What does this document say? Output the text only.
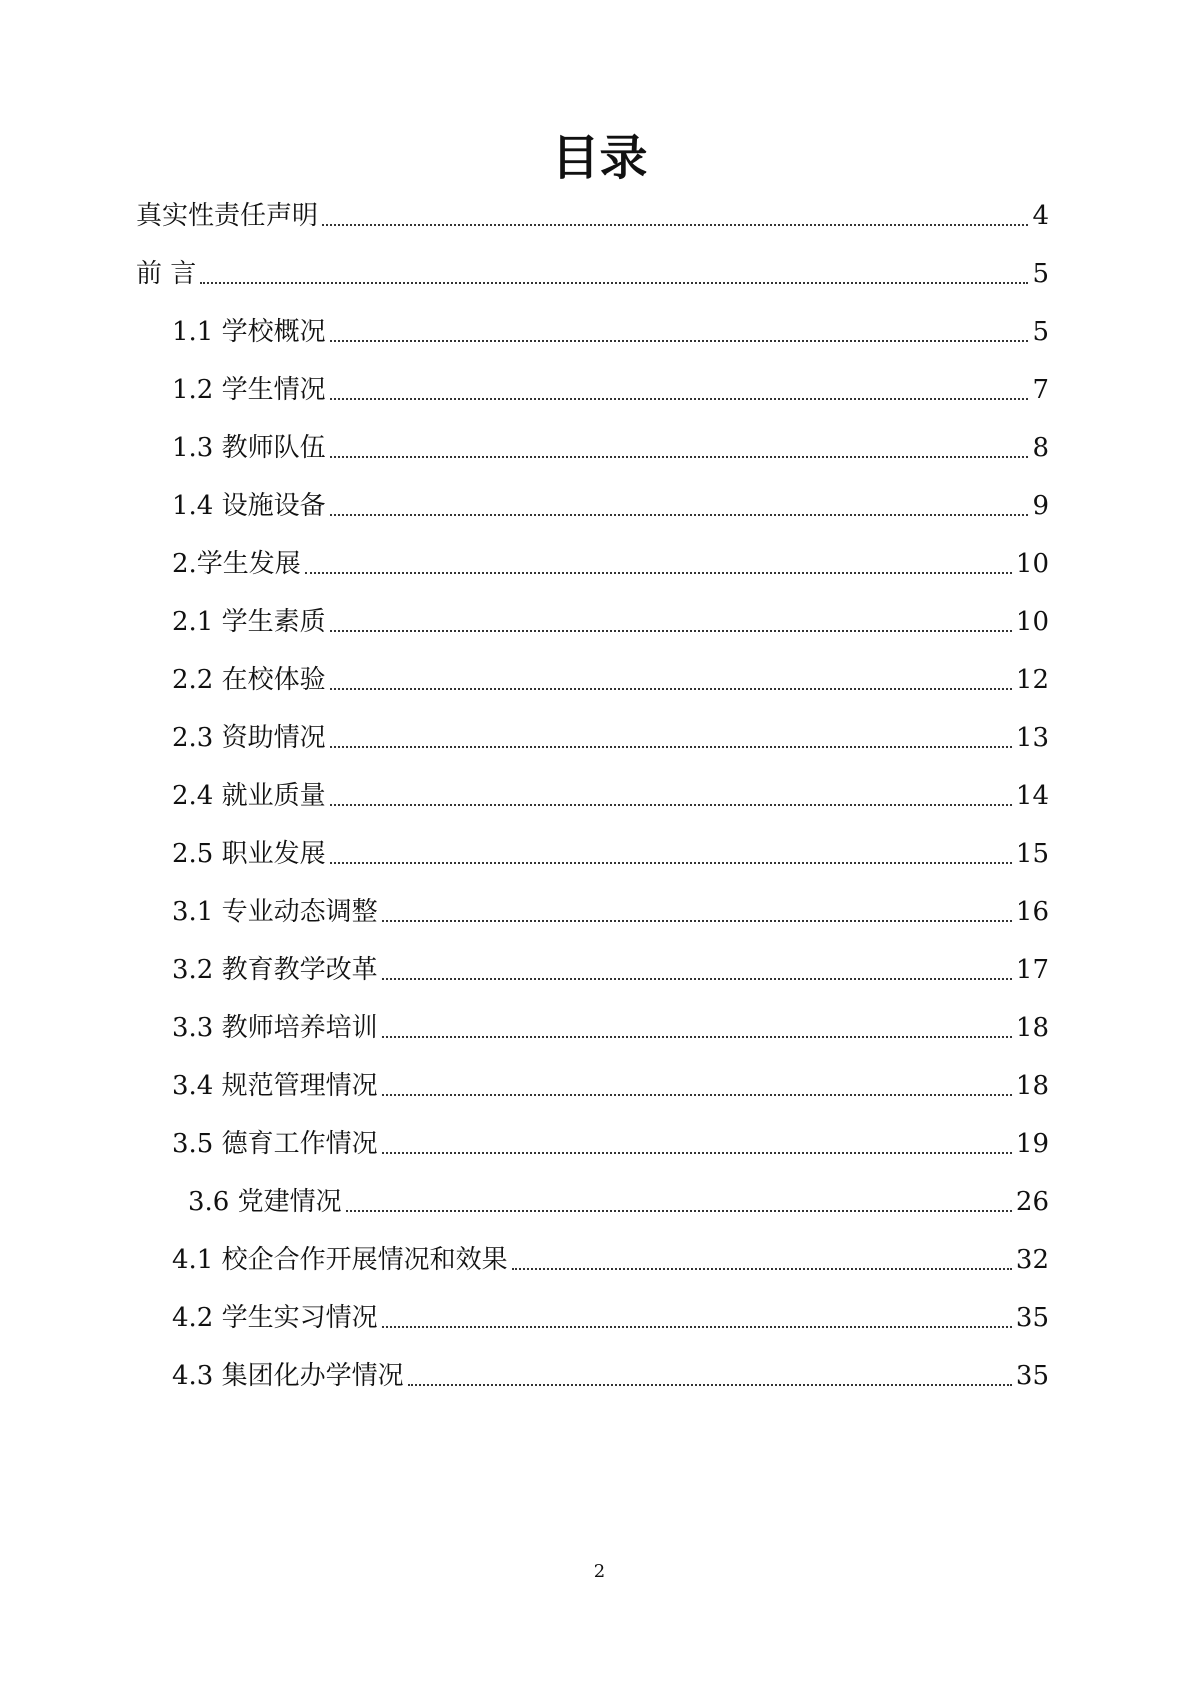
目录
真实性责任声明	4
前 言	5
1.1 学校概况	5
1.2 学生情况	7
1.3 教师队伍	8
1.4 设施设备	9
2.学生发展	10
2.1 学生素质	10
2.2 在校体验	12
2.3 资助情况	13
2.4 就业质量	14
2.5 职业发展	15
3.1 专业动态调整	16
3.2 教育教学改革	17
3.3 教师培养培训	18
3.4 规范管理情况	18
3.5 德育工作情况	19
3.6 党建情况	26
4.1 校企合作开展情况和效果	32
4.2 学生实习情况	35
4.3 集团化办学情况	35
2
